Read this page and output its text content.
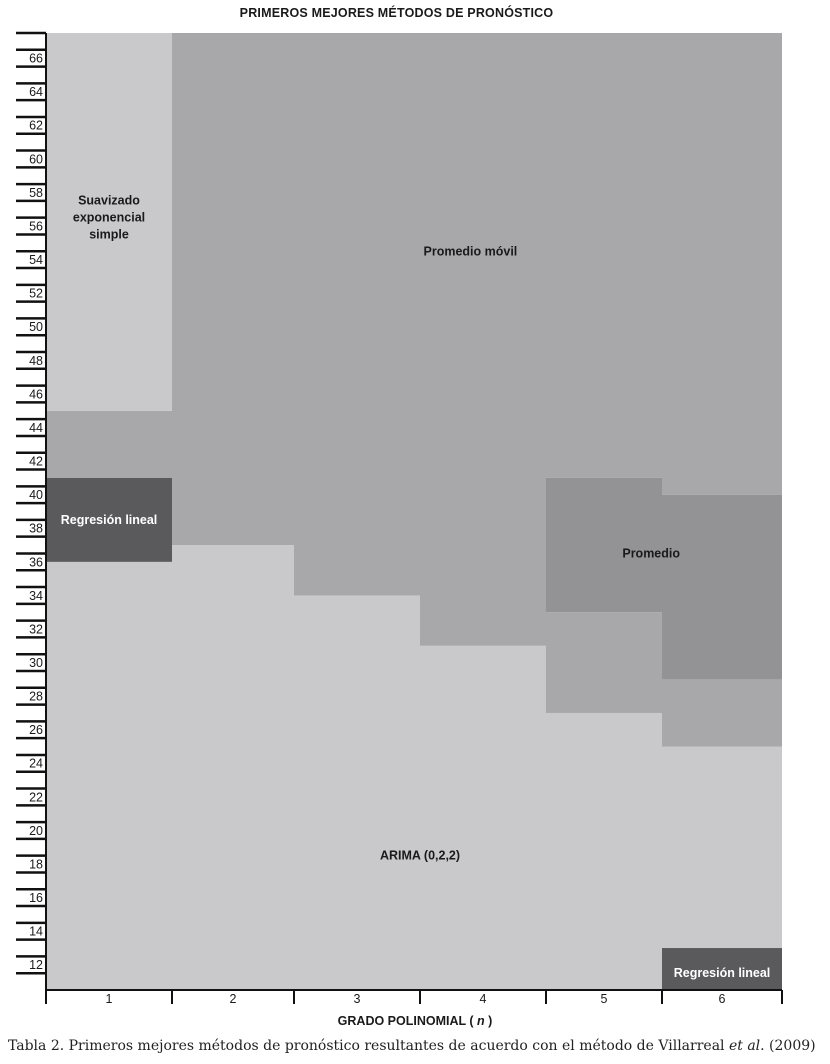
PRIMEROS MEJORES MÉTODOS DE PRONÓSTICO
12
14
16
18
20
22
24
26
28
30
32
34
36
38
40
42
44
46
48
50
52
54
56
58
60
62
64
66
1	2	3	4	5	6
Suavizado exponencial simple
Promedio móvil
Regresión lineal
Promedio
ARIMA (0,2,2)
Regresión lineal
GRADO POLINOMIAL ( n )
Tabla 2. Primeros mejores métodos de pronóstico resultantes de acuerdo con el método de Villarreal et al. (2009)
